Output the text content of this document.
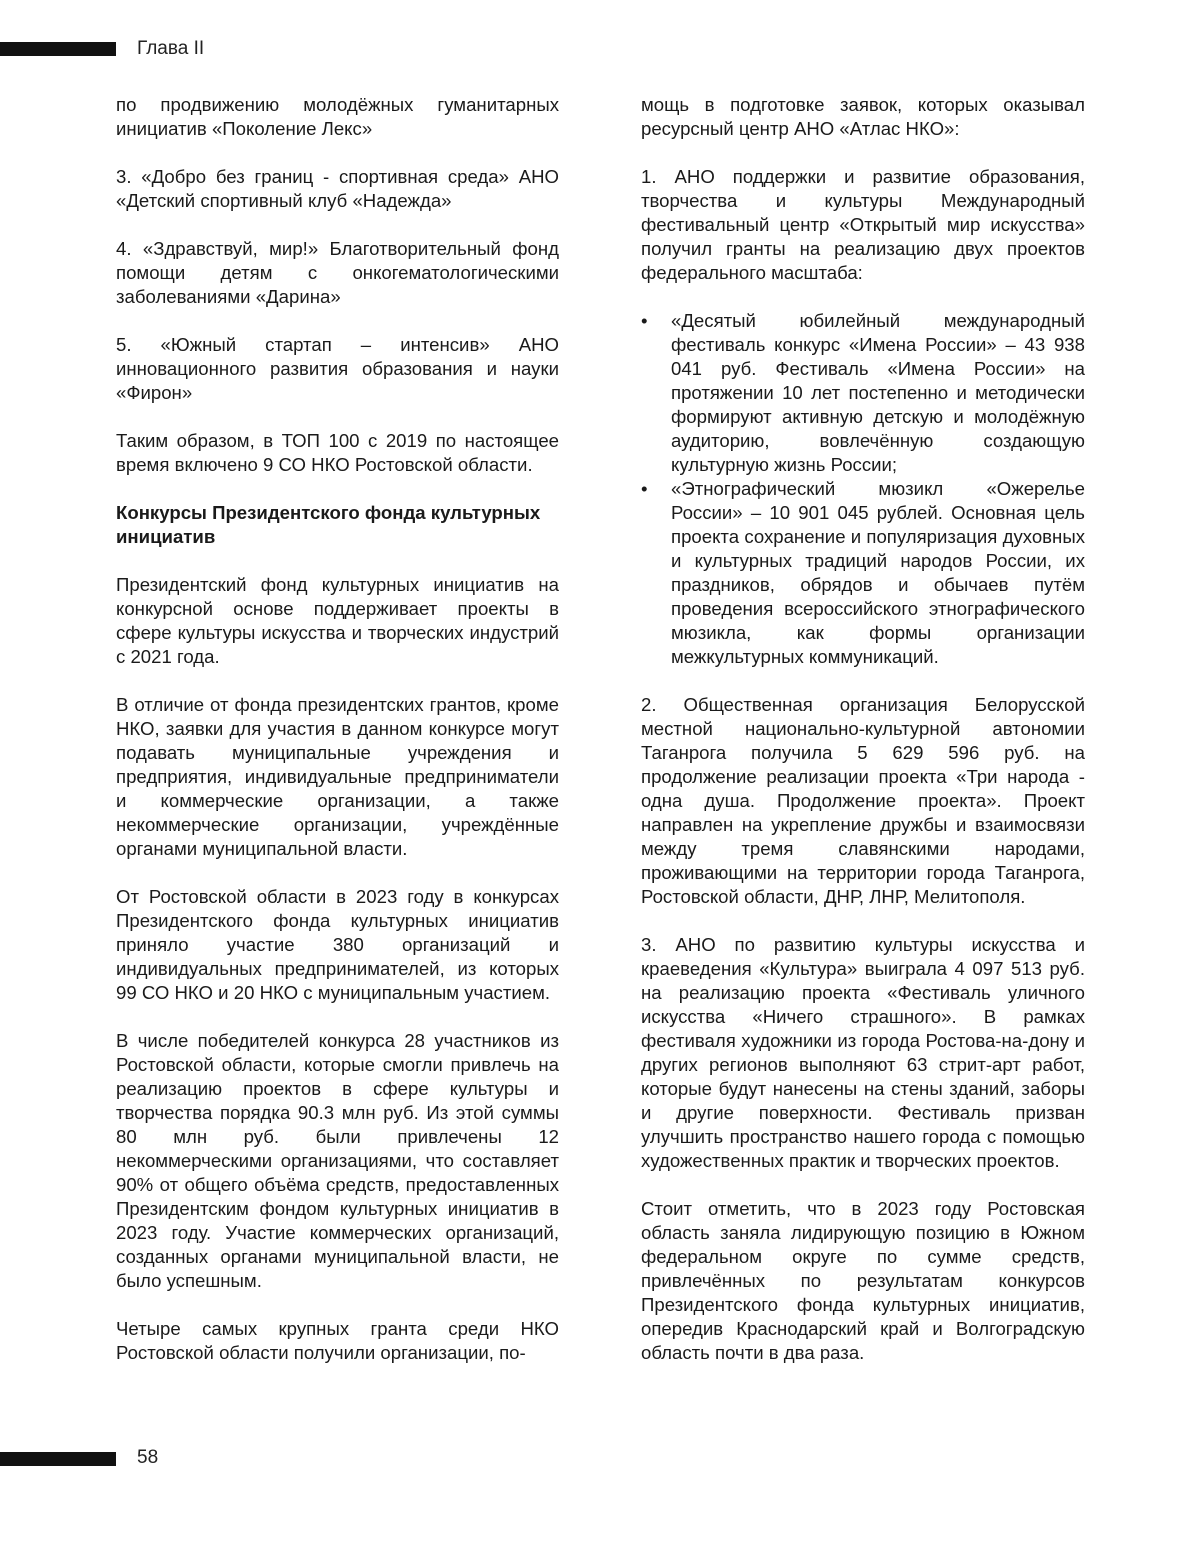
Глава II

по продвижению молодёжных гуманитарных инициатив «Поколение Лекс»

3. «Добро без границ - спортивная среда» АНО «Детский спортивный клуб «Надежда»

4. «Здравствуй, мир!» Благотворительный фонд помощи детям с онкогематологическими заболеваниями «Дарина»

5. «Южный стартап – интенсив» АНО инновационного развития образования и науки «Фирон»

Таким образом, в ТОП 100 с 2019 по настоящее время включено 9 СО НКО Ростовской области.

Конкурсы Президентского фонда культурных инициатив

Президентский фонд культурных инициатив на конкурсной основе поддерживает проекты в сфере культуры искусства и творческих индустрий с 2021 года.

В отличие от фонда президентских грантов, кроме НКО, заявки для участия в данном конкурсе могут подавать муниципальные учреждения и предприятия, индивидуальные предприниматели и коммерческие организации, а также некоммерческие организации, учреждённые органами муниципальной власти.

От Ростовской области в 2023 году в конкурсах Президентского фонда культурных инициатив приняло участие 380 организаций и индивидуальных предпринимателей, из которых 99 СО НКО и 20 НКО с муниципальным участием.

В числе победителей конкурса 28 участников из Ростовской области, которые смогли привлечь на реализацию проектов в сфере культуры и творчества порядка 90.3 млн руб. Из этой суммы 80 млн руб. были привлечены 12 некоммерческими организациями, что составляет 90% от общего объёма средств, предоставленных Президентским фондом культурных инициатив в 2023 году. Участие коммерческих организаций, созданных органами муниципальной власти, не было успешным.

Четыре самых крупных гранта среди НКО Ростовской области получили организации, по-

мощь в подготовке заявок, которых оказывал ресурсный центр АНО «Атлас НКО»:

1. АНО поддержки и развитие образования, творчества и культуры Международный фестивальный центр «Открытый мир искусства» получил гранты на реализацию двух проектов федерального масштаба:

•	«Десятый юбилейный международный фестиваль конкурс «Имена России» – 43 938 041 руб. Фестиваль «Имена России» на протяжении 10 лет постепенно и методически формируют активную детскую и молодёжную аудиторию, вовлечённую создающую культурную жизнь России;
•	«Этнографический мюзикл «Ожерелье России» – 10 901 045 рублей. Основная цель проекта сохранение и популяризация духовных и культурных традиций народов России, их праздников, обрядов и обычаев путём проведения всероссийского этнографического мюзикла, как формы организации межкультурных коммуникаций.

2. Общественная организация Белорусской местной национально-культурной автономии Таганрога получила 5 629 596 руб. на продолжение реализации проекта «Три народа - одна душа. Продолжение проекта». Проект направлен на укрепление дружбы и взаимосвязи между тремя славянскими народами, проживающими на территории города Таганрога, Ростовской области, ДНР, ЛНР, Мелитополя.

3. АНО по развитию культуры искусства и краеведения «Культура» выиграла 4 097 513 руб. на реализацию проекта «Фестиваль уличного искусства «Ничего страшного». В рамках фестиваля художники из города Ростова-на-дону и других регионов выполняют 63 стрит-арт работ, которые будут нанесены на стены зданий, заборы и другие поверхности. Фестиваль призван улучшить пространство нашего города с помощью художественных практик и творческих проектов.

Стоит отметить, что в 2023 году Ростовская область заняла лидирующую позицию в Южном федеральном округе по сумме средств, привлечённых по результатам конкурсов Президентского фонда культурных инициатив, опередив Краснодарский край и Волгоградскую область почти в два раза.

58
